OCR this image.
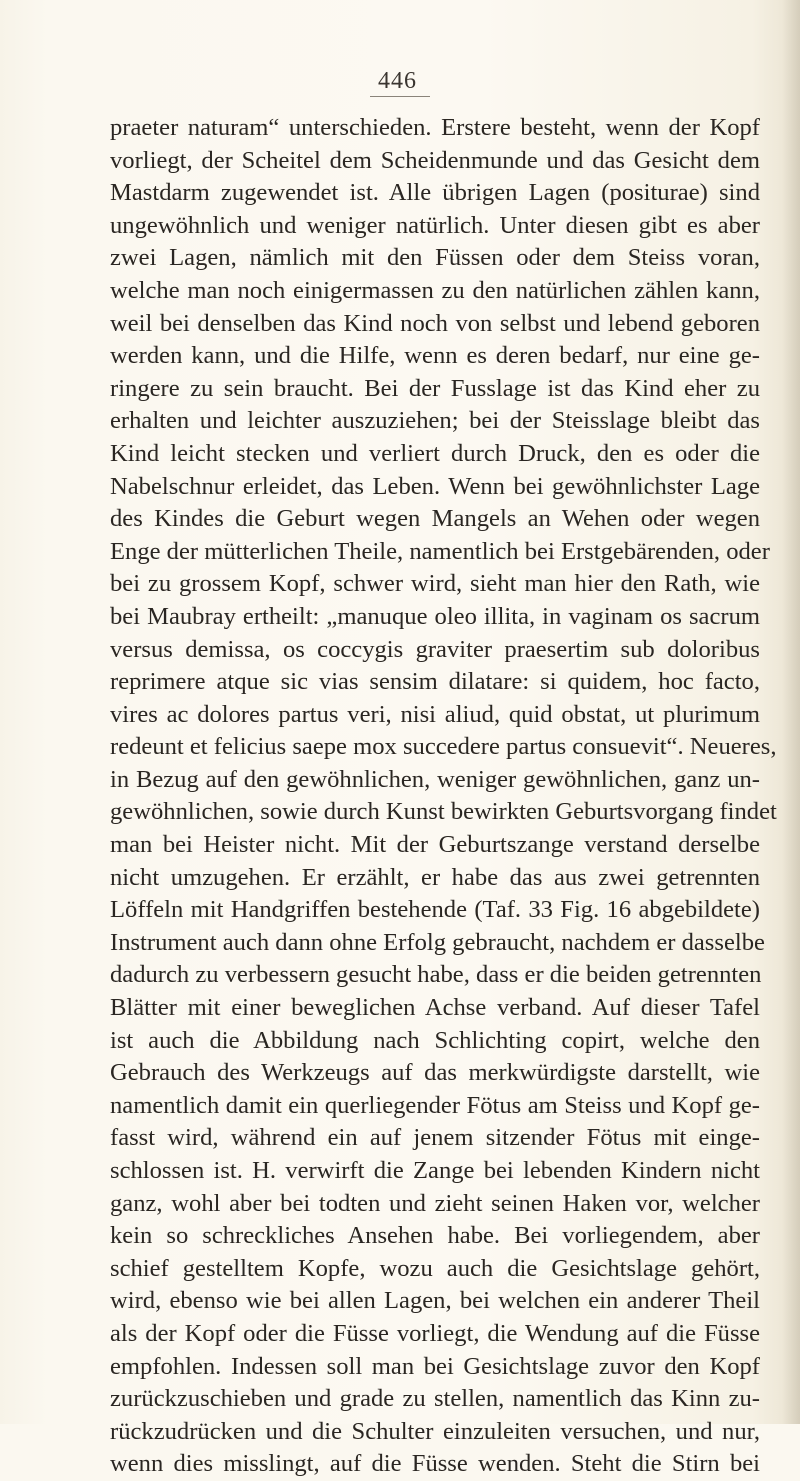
446
praeter naturam“ unterschieden. Erstere besteht, wenn der Kopf
vorliegt, der Scheitel dem Scheidenmunde und das Gesicht dem
Mastdarm zugewendet ist. Alle übrigen Lagen (positurae) sind
ungewöhnlich und weniger natürlich. Unter diesen gibt es aber
zwei Lagen, nämlich mit den Füssen oder dem Steiss voran,
welche man noch einigermassen zu den natürlichen zählen kann,
weil bei denselben das Kind noch von selbst und lebend geboren
werden kann, und die Hilfe, wenn es deren bedarf, nur eine ge-
ringere zu sein braucht. Bei der Fusslage ist das Kind eher zu
erhalten und leichter auszuziehen; bei der Steisslage bleibt das
Kind leicht stecken und verliert durch Druck, den es oder die
Nabelschnur erleidet, das Leben. Wenn bei gewöhnlichster Lage
des Kindes die Geburt wegen Mangels an Wehen oder wegen
Enge der mütterlichen Theile, namentlich bei Erstgebärenden, oder
bei zu grossem Kopf, schwer wird, sieht man hier den Rath, wie
bei Maubray ertheilt: „manuque oleo illita, in vaginam os sacrum
versus demissa, os coccygis graviter praesertim sub doloribus
reprimere atque sic vias sensim dilatare: si quidem, hoc facto,
vires ac dolores partus veri, nisi aliud, quid obstat, ut plurimum
redeunt et felicius saepe mox succedere partus consuevit“. Neueres,
in Bezug auf den gewöhnlichen, weniger gewöhnlichen, ganz un-
gewöhnlichen, sowie durch Kunst bewirkten Geburtsvorgang findet
man bei Heister nicht. Mit der Geburtszange verstand derselbe
nicht umzugehen. Er erzählt, er habe das aus zwei getrennten
Löffeln mit Handgriffen bestehende (Taf. 33 Fig. 16 abgebildete)
Instrument auch dann ohne Erfolg gebraucht, nachdem er dasselbe
dadurch zu verbessern gesucht habe, dass er die beiden getrennten
Blätter mit einer beweglichen Achse verband. Auf dieser Tafel
ist auch die Abbildung nach Schlichting copirt, welche den
Gebrauch des Werkzeugs auf das merkwürdigste darstellt, wie
namentlich damit ein querliegender Fötus am Steiss und Kopf ge-
fasst wird, während ein auf jenem sitzender Fötus mit einge-
schlossen ist. H. verwirft die Zange bei lebenden Kindern nicht
ganz, wohl aber bei todten und zieht seinen Haken vor, welcher
kein so schreckliches Ansehen habe. Bei vorliegendem, aber
schief gestelltem Kopfe, wozu auch die Gesichtslage gehört,
wird, ebenso wie bei allen Lagen, bei welchen ein anderer Theil
als der Kopf oder die Füsse vorliegt, die Wendung auf die Füsse
empfohlen. Indessen soll man bei Gesichtslage zuvor den Kopf
zurückzuschieben und grade zu stellen, namentlich das Kinn zu-
rückzudrücken und die Schulter einzuleiten versuchen, und nur,
wenn dies misslingt, auf die Füsse wenden. Steht die Stirn bei
